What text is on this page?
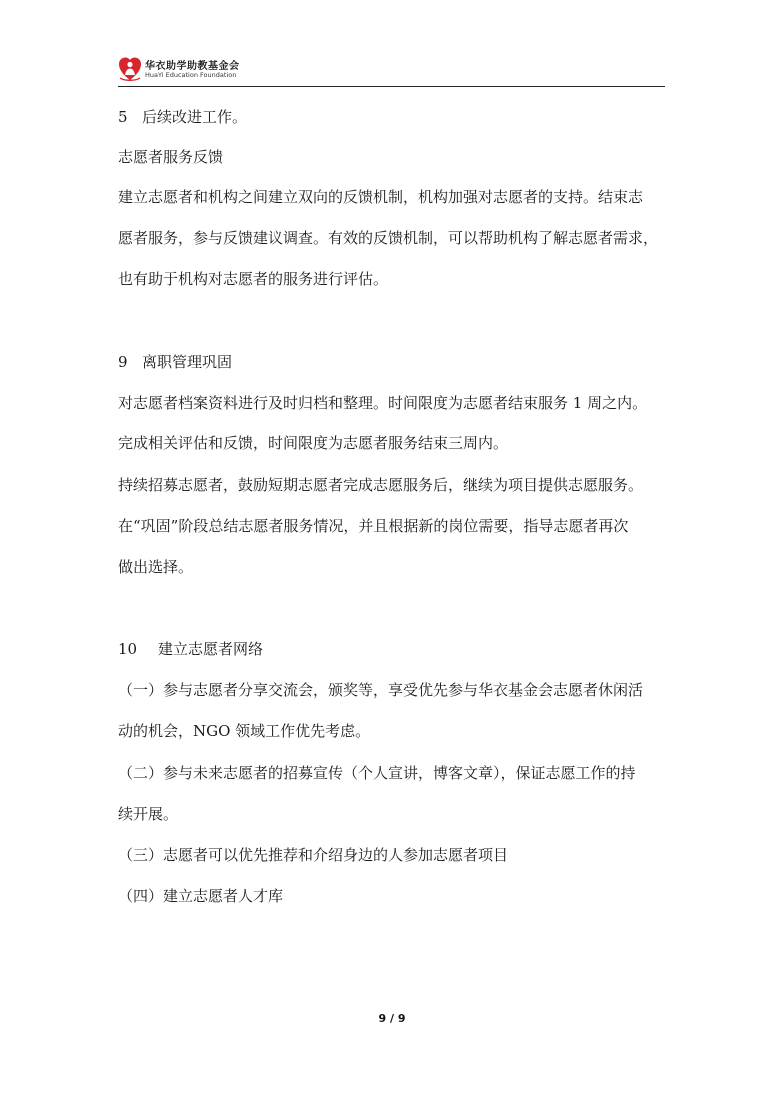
华衣助学助教基金会
HuaYi Education Foundation
5 后续改进工作。
志愿者服务反馈
建立志愿者和机构之间建立双向的反馈机制，机构加强对志愿者的支持。结束志
愿者服务，参与反馈建议调查。有效的反馈机制，可以帮助机构了解志愿者需求，
也有助于机构对志愿者的服务进行评估。
9 离职管理巩固
对志愿者档案资料进行及时归档和整理。时间限度为志愿者结束服务 1 周之内。
完成相关评估和反馈，时间限度为志愿者服务结束三周内。
持续招募志愿者，鼓励短期志愿者完成志愿服务后，继续为项目提供志愿服务。
在“巩固”阶段总结志愿者服务情况，并且根据新的岗位需要，指导志愿者再次
做出选择。
10 建立志愿者网络
（一）参与志愿者分享交流会，颁奖等，享受优先参与华衣基金会志愿者休闲活
动的机会，NGO 领域工作优先考虑。
（二）参与未来志愿者的招募宣传（个人宣讲，博客文章），保证志愿工作的持
续开展。
（三）志愿者可以优先推荐和介绍身边的人参加志愿者项目
（四）建立志愿者人才库
9 / 9
